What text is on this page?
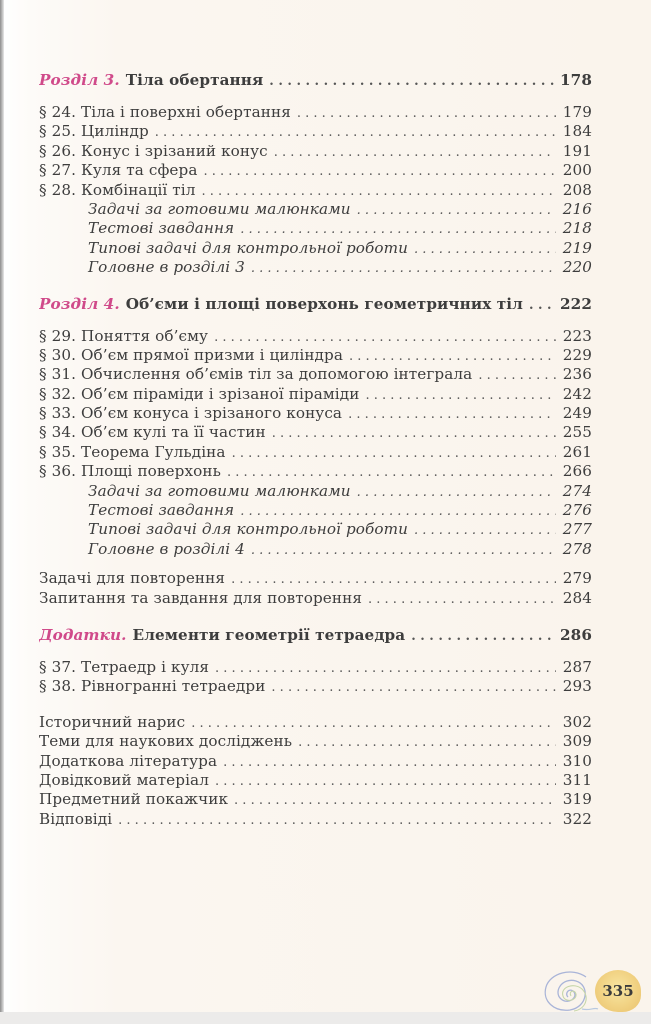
Розділ 3. Тіла обертання . . .	178
§ 24. Тіла і поверхні обертання . . .	179
§ 25. Циліндр . . .	184
§ 26. Конус і зрізаний конус . . .	191
§ 27. Куля та сфера . . .	200
§ 28. Комбінації тіл . . .	208
Задачі за готовими малюнками . . .	216
Тестові завдання . . .	218
Типові задачі для контрольної роботи . . .	219
Головне в розділі 3 . . .	220
Розділ 4. Об’єми і площі поверхонь геометричних тіл . . .	222
§ 29. Поняття об’єму . . .	223
§ 30. Об’єм прямої призми і циліндра . . .	229
§ 31. Обчислення об’ємів тіл за допомогою інтеграла . . .	236
§ 32. Об’єм піраміди і зрізаної піраміди . . .	242
§ 33. Об’єм конуса і зрізаного конуса . . .	249
§ 34. Об’єм кулі та її частин . . .	255
§ 35. Теорема Гульдіна . . .	261
§ 36. Площі поверхонь . . .	266
Задачі за готовими малюнками . . .	274
Тестові завдання . . .	276
Типові задачі для контрольної роботи . . .	277
Головне в розділі 4 . . .	278
Задачі для повторення . . .	279
Запитання та завдання для повторення . . .	284
Додатки. Елементи геометрії тетраедра . . .	286
§ 37. Тетраедр і куля . . .	287
§ 38. Рівногранні тетраедри . . .	293
Історичний нарис . . .	302
Теми для наукових досліджень . . .	309
Додаткова література . . .	310
Довідковий матеріал . . .	311
Предметний покажчик . . .	319
Відповіді . . .	322
335
